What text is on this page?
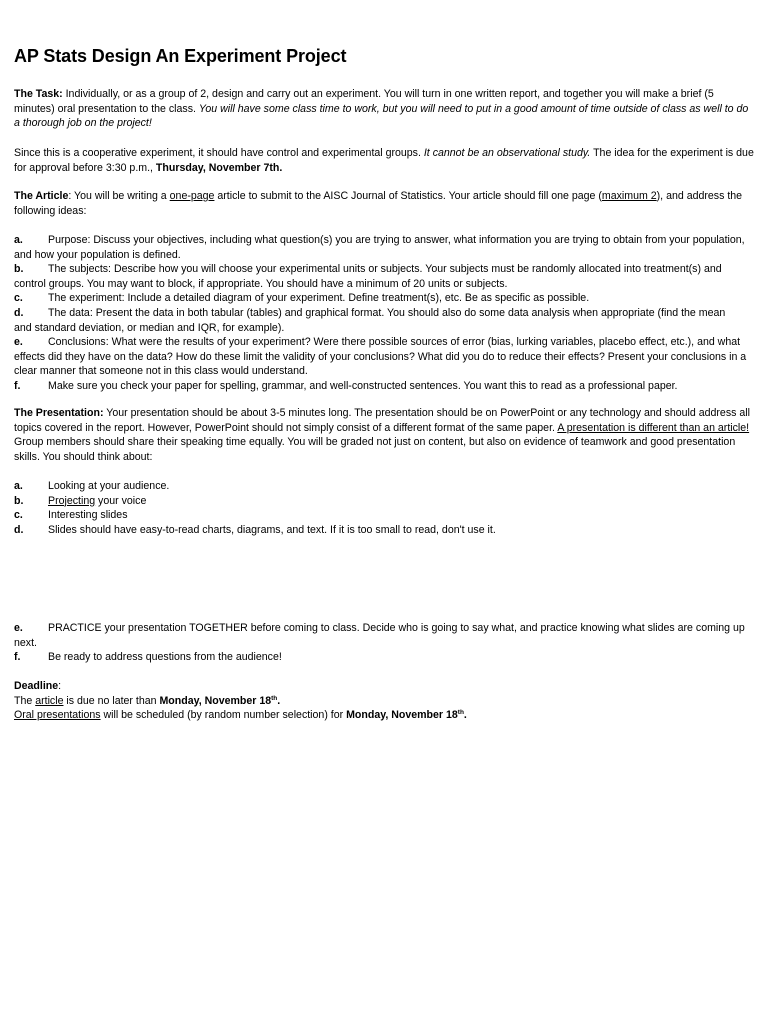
AP Stats Design An Experiment Project

The Task: Individually, or as a group of 2, design and carry out an experiment. You will turn in one written report, and together you will make a brief (5 minutes) oral presentation to the class. You will have some class time to work, but you will need to put in a good amount of time outside of class as well to do a thorough job on the project!

Since this is a cooperative experiment, it should have control and experimental groups. It cannot be an observational study. The idea for the experiment is due for approval before 3:30 p.m., Thursday, November 7th.

The Article: You will be writing a one-page article to submit to the AISC Journal of Statistics. Your article should fill one page (maximum 2), and address the following ideas:

a. Purpose: Discuss your objectives, including what question(s) you are trying to answer, what information you are trying to obtain from your population,
and how your population is defined.
b. The subjects: Describe how you will choose your experimental units or subjects. Your subjects must be randomly allocated into treatment(s) and
control groups. You may want to block, if appropriate. You should have a minimum of 20 units or subjects.
c. The experiment: Include a detailed diagram of your experiment. Define treatment(s), etc. Be as specific as possible.
d. The data: Present the data in both tabular (tables) and graphical format. You should also do some data analysis when appropriate (find the mean
and standard deviation, or median and IQR, for example).
e. Conclusions: What were the results of your experiment? Were there possible sources of error (bias, lurking variables, placebo effect, etc.), and what
effects did they have on the data? How do these limit the validity of your conclusions? What did you do to reduce their effects? Present your conclusions in a clear manner that someone not in this class would understand.
f.	Make sure you check your paper for spelling, grammar, and well-constructed sentences. You want this to read as a professional paper.

The Presentation: Your presentation should be about 3-5 minutes long. The presentation should be on PowerPoint or any technology and should address all topics covered in the report. However, PowerPoint should not simply consist of a different format of the same paper. A presentation is different than an article! Group members should share their speaking time equally. You will be graded not just on content, but also on evidence of teamwork and good presentation skills. You should think about:

a. Looking at your audience.
b. Projecting your voice
c. Interesting slides
d. Slides should have easy-to-read charts, diagrams, and text. If it is too small to read, don't use it.
e. PRACTICE your presentation TOGETHER before coming to class. Decide who is going to say what, and practice knowing what slides are coming up
next.
f.	Be ready to address questions from the audience!
Deadline:
The article is due no later than Monday, November 18th.
Oral presentations will be scheduled (by random number selection) for Monday, November 18th.
